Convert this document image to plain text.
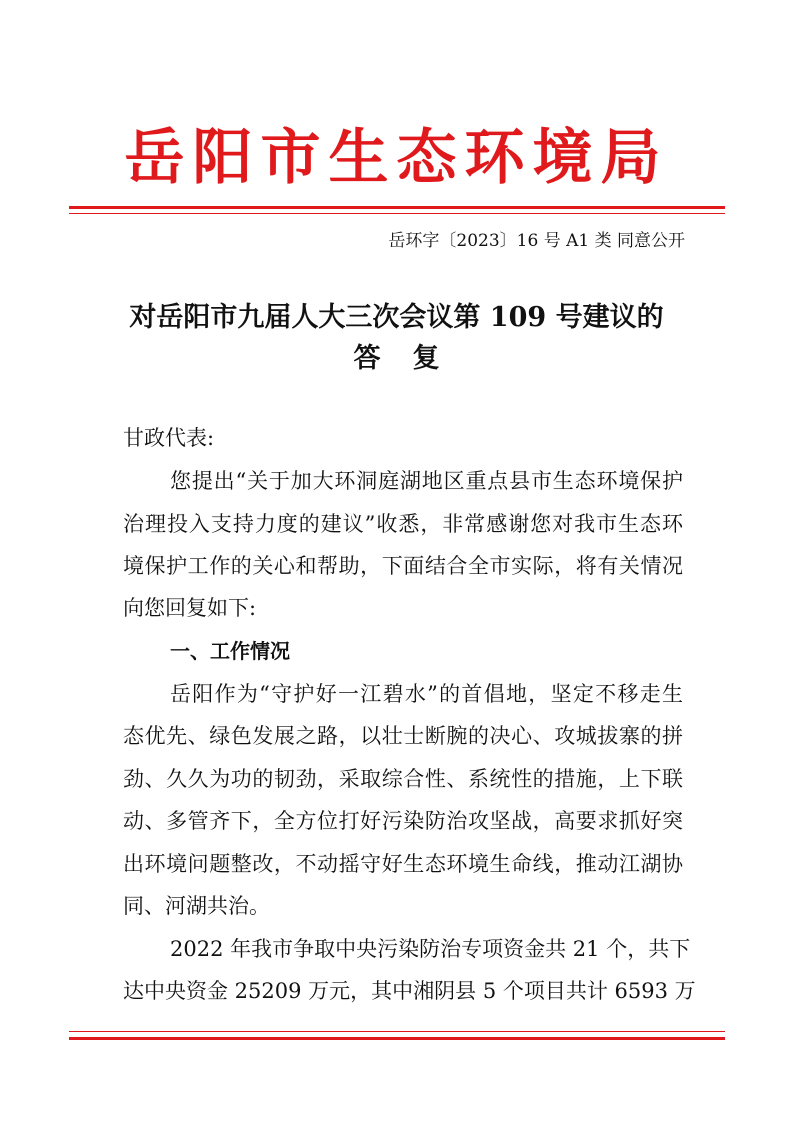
岳阳市生态环境局
岳环字〔2023〕16 号 A1 类 同意公开
对岳阳市九届人大三次会议第 109 号建议的
答复
甘政代表:
您提出“关于加大环洞庭湖地区重点县市生态环境保护
治理投入支持力度的建议”收悉，非常感谢您对我市生态环
境保护工作的关心和帮助，下面结合全市实际，将有关情况
向您回复如下:
一、工作情况
岳阳作为“守护好一江碧水”的首倡地，坚定不移走生
态优先、绿色发展之路，以壮士断腕的决心、攻城拔寨的拼
劲、久久为功的韧劲，采取综合性、系统性的措施，上下联
动、多管齐下，全方位打好污染防治攻坚战，高要求抓好突
出环境问题整改，不动摇守好生态环境生命线，推动江湖协
同、河湖共治。
2022 年我市争取中央污染防治专项资金共 21 个，共下
达中央资金 25209 万元，其中湘阴县 5 个项目共计 6593 万
